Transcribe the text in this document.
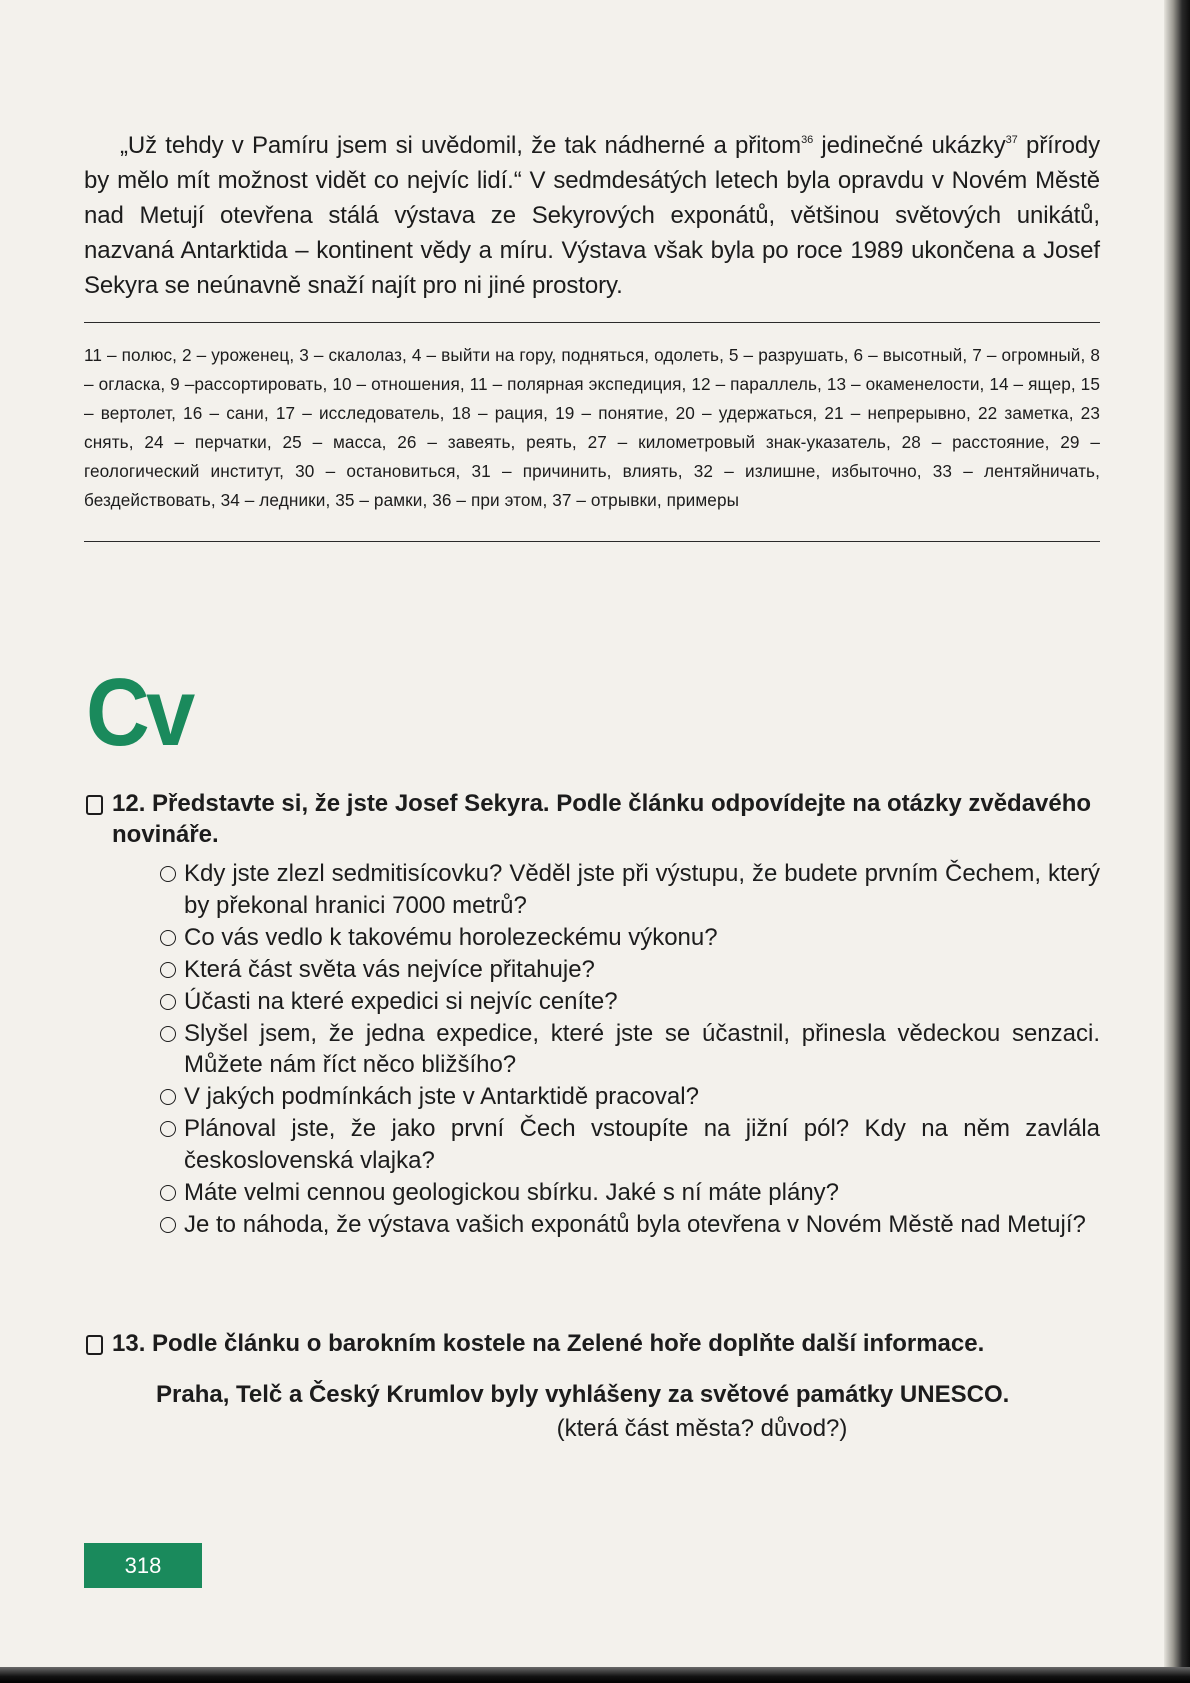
„Už tehdy v Pamíru jsem si uvědomil, že tak nádherné a přitom$^{36}$ jedinečné ukázky$^{37}$ přírody by mělo mít možnost vidět co nejvíc lidí.“ V sedmdesátých letech byla opravdu v Novém Městě nad Metují otevřena stálá výstava ze Sekyrových exponátů, většinou světových unikátů, nazvaná Antarktida – kontinent vědy a míru. Výstava však byla po roce 1989 ukončena a Josef Sekyra se neúnavně snaží najít pro ni jiné prostory.

11 – полюс, 2 – уроженец, 3 – скалолаз, 4 – выйти на гору, подняться, одолеть, 5 – разрушать, 6 – высотный, 7 – огромный, 8 – огласка, 9 –рассортировать, 10 – отношения, 11 – полярная экспедиция, 12 – параллель, 13 – окаменелости, 14 – ящер, 15 – вертолет, 16 – сани, 17 – исследователь, 18 – рация, 19 – понятие, 20 – удержаться, 21 – непрерывно, 22 заметка, 23 снять, 24 – перчатки, 25 – масса, 26 – завеять, реять, 27 – километровый знак-указатель, 28 – расстояние, 29 – геологический институт, 30 – остановиться, 31 – причинить, влиять, 32 – излишне, избыточно, 33 – лентяйничать, бездействовать, 34 – ледники, 35 – рамки, 36 – при этом, 37 – отрывки, примеры

Cv
12. Představte si, že jste Josef Sekyra. Podle článku odpovídejte na otázky zvědavého novináře.
Kdy jste zlezl sedmitisícovku? Věděl jste při výstupu, že budete prvním Čechem, který by překonal hranici 7000 metrů?
Co vás vedlo k takovému horolezeckému výkonu?
Která část světa vás nejvíce přitahuje?
Účasti na které expedici si nejvíc ceníte?
Slyšel jsem, že jedna expedice, které jste se účastnil, přinesla vědeckou senzaci. Můžete nám říct něco bližšího?
V jakých podmínkách jste v Antarktidě pracoval?
Plánoval jste, že jako první Čech vstoupíte na jižní pól? Kdy na něm zavlála československá vlajka?
Máte velmi cennou geologickou sbírku. Jaké s ní máte plány?
Je to náhoda, že výstava vašich exponátů byla otevřena v Novém Městě nad Metují?
13. Podle článku o barokním kostele na Zelené hoře doplňte další informace.
Praha, Telč a Český Krumlov byly vyhlášeny za světové památky UNESCO.
(která část města? důvod?)
318
